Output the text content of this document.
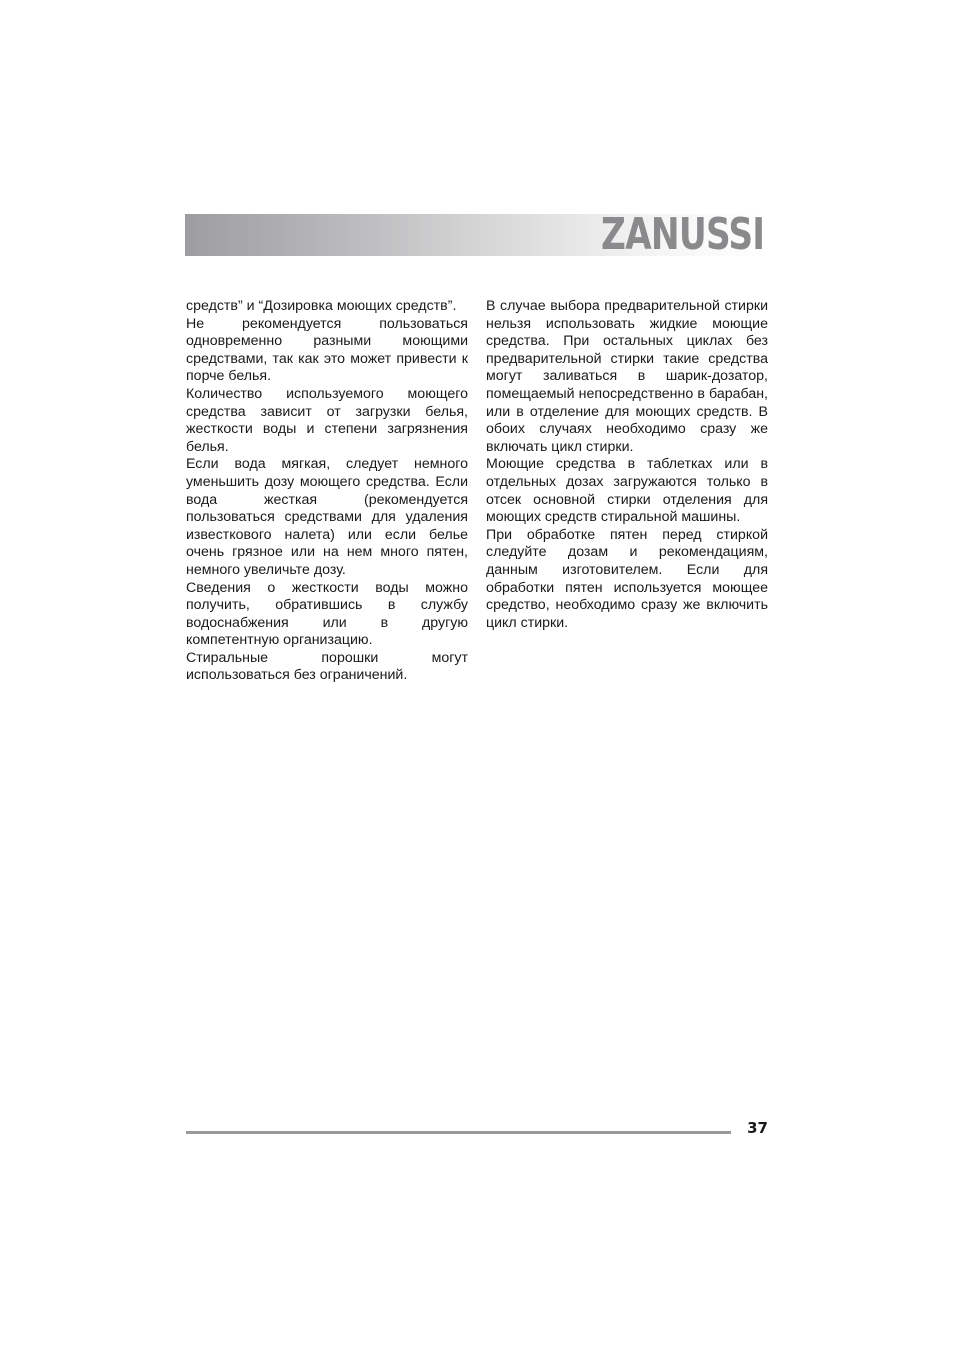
ZANUSSI

средств” и “Дозировка моющих средств”.

Не рекомендуется пользоваться одновременно разными моющими средствами, так как это может привести к порче белья.

Количество используемого моющего средства зависит от загрузки белья, жесткости воды и степени загрязнения белья.

Если вода мягкая, следует немного уменьшить дозу моющего средства. Если вода жесткая (рекомендуется пользоваться средствами для удаления известкового налета) или если белье очень грязное или на нем много пятен, немного увеличьте дозу.

Сведения о жесткости воды можно получить, обратившись в службу водоснабжения или в другую компетентную организацию.

Стиральные порошки могут использоваться без ограничений.

В случае выбора предварительной стирки нельзя использовать жидкие моющие средства. При остальных циклах без предварительной стирки такие средства могут заливаться в шарик-дозатор, помещаемый непосредственно в барабан, или в отделение для моющих средств. В обоих случаях необходимо сразу же включать цикл стирки.

Моющие средства в таблетках или в отдельных дозах загружаются только в отсек основной стирки отделения для моющих средств стиральной машины.

При обработке пятен перед стиркой следуйте дозам и рекомендациям, данным изготовителем. Если для обработки пятен используется моющее средство, необходимо сразу же включить цикл стирки.

37
